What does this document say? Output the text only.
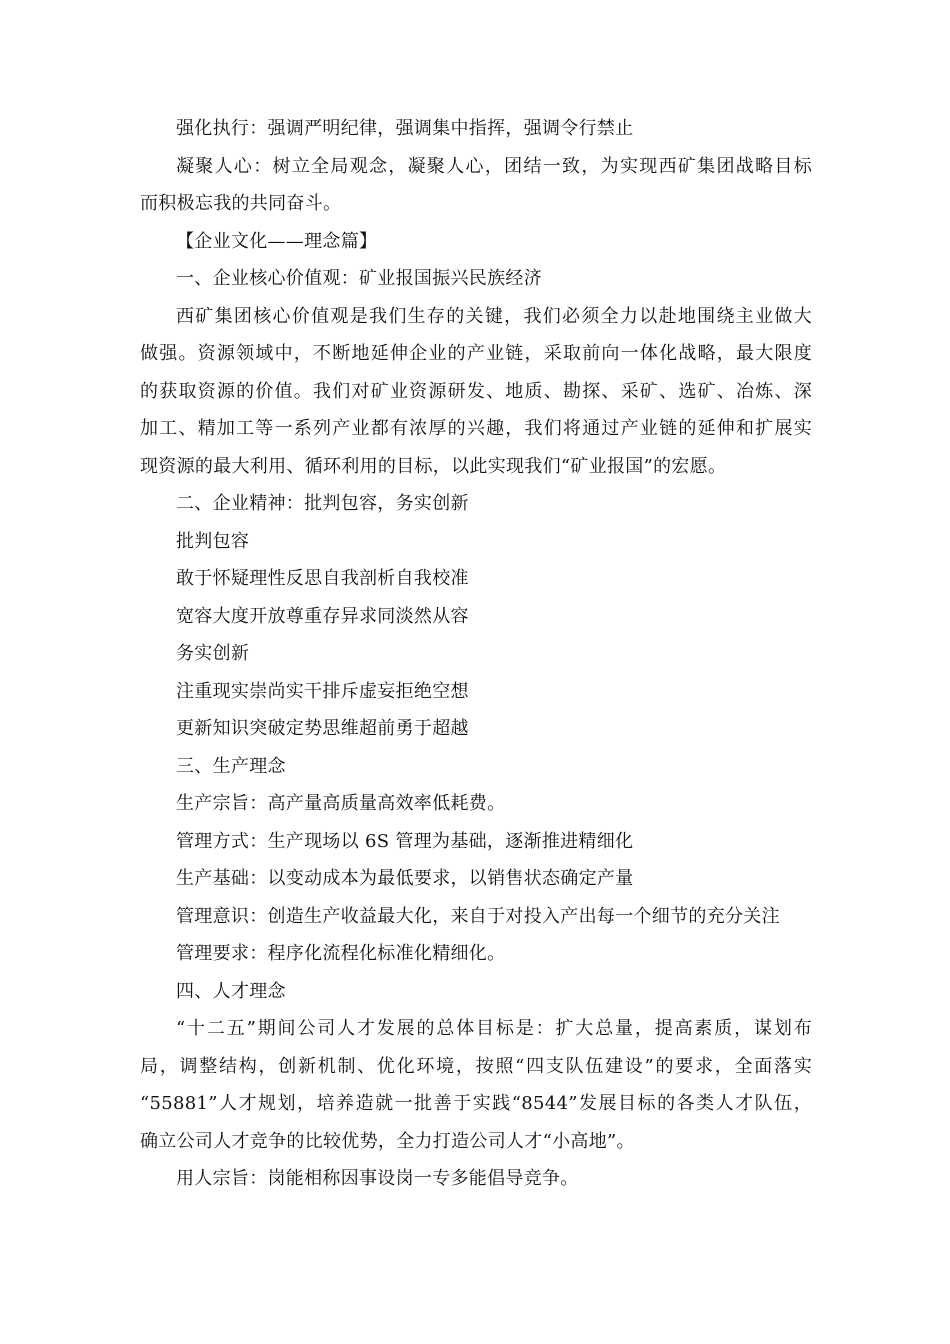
强化执行：强调严明纪律，强调集中指挥，强调令行禁止
凝聚人心：树立全局观念，凝聚人心，团结一致，为实现西矿集团战略目标
而积极忘我的共同奋斗。
【企业文化——理念篇】
一、企业核心价值观：矿业报国振兴民族经济
西矿集团核心价值观是我们生存的关键，我们必须全力以赴地围绕主业做大
做强。资源领域中，不断地延伸企业的产业链，采取前向一体化战略，最大限度
的获取资源的价值。我们对矿业资源研发、地质、勘探、采矿、选矿、冶炼、深
加工、精加工等一系列产业都有浓厚的兴趣，我们将通过产业链的延伸和扩展实
现资源的最大利用、循环利用的目标，以此实现我们“矿业报国”的宏愿。
二、企业精神：批判包容，务实创新
批判包容
敢于怀疑理性反思自我剖析自我校准
宽容大度开放尊重存异求同淡然从容
务实创新
注重现实崇尚实干排斥虚妄拒绝空想
更新知识突破定势思维超前勇于超越
三、生产理念
生产宗旨：高产量高质量高效率低耗费。
管理方式：生产现场以 6S 管理为基础，逐渐推进精细化
生产基础：以变动成本为最低要求，以销售状态确定产量
管理意识：创造生产收益最大化，来自于对投入产出每一个细节的充分关注
管理要求：程序化流程化标准化精细化。
四、人才理念
“十二五”期间公司人才发展的总体目标是：扩大总量，提高素质，谋划布
局，调整结构，创新机制、优化环境，按照“四支队伍建设”的要求，全面落实
“55881”人才规划，培养造就一批善于实践“8544”发展目标的各类人才队伍，
确立公司人才竞争的比较优势，全力打造公司人才“小高地”。
用人宗旨：岗能相称因事设岗一专多能倡导竞争。
